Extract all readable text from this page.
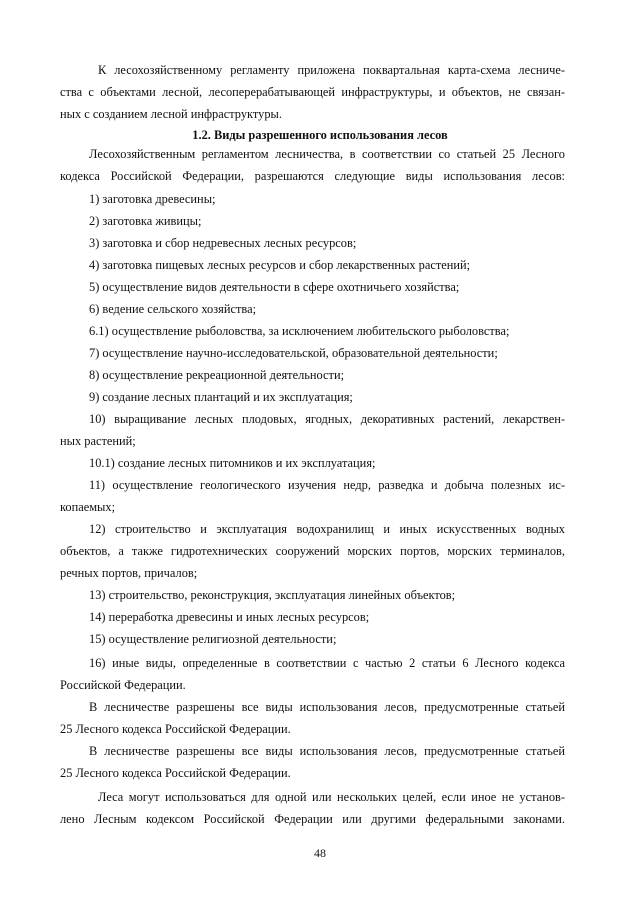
К лесохозяйственному регламенту приложена поквартальная карта-схема лесниче-
ства с объектами лесной, лесоперерабатывающей инфраструктуры, и объектов, не связан-
ных с созданием лесной инфраструктуры.
1.2. Виды разрешенного использования лесов
Лесохозяйственным регламентом лесничества, в соответствии со статьей 25 Лесного
кодекса Российской Федерации, разрешаются следующие виды использования лесов:
1) заготовка древесины;
2) заготовка живицы;
3) заготовка и сбор недревесных лесных ресурсов;
4) заготовка пищевых лесных ресурсов и сбор лекарственных растений;
5) осуществление видов деятельности в сфере охотничьего хозяйства;
6) ведение сельского хозяйства;
6.1) осуществление рыболовства, за исключением любительского рыболовства;
7) осуществление научно-исследовательской, образовательной деятельности;
8) осуществление рекреационной деятельности;
9) создание лесных плантаций и их эксплуатация;
10) выращивание лесных плодовых, ягодных, декоративных растений, лекарствен-
ных растений;
10.1) создание лесных питомников и их эксплуатация;
11) осуществление геологического изучения недр, разведка и добыча полезных ис-
копаемых;
12) строительство и эксплуатация водохранилищ и иных искусственных водных
объектов, а также гидротехнических сооружений морских портов, морских терминалов,
речных портов, причалов;
13) строительство, реконструкция, эксплуатация линейных объектов;
14) переработка древесины и иных лесных ресурсов;
15) осуществление религиозной деятельности;
16) иные виды, определенные в соответствии с частью 2 статьи 6 Лесного кодекса
Российской Федерации.
В лесничестве разрешены все виды использования лесов, предусмотренные статьей
25 Лесного кодекса Российской Федерации.
В лесничестве разрешены все виды использования лесов, предусмотренные статьей
25 Лесного кодекса Российской Федерации.
Леса могут использоваться для одной или нескольких целей, если иное не установ-
лено Лесным кодексом Российской Федерации или другими федеральными законами.
48
